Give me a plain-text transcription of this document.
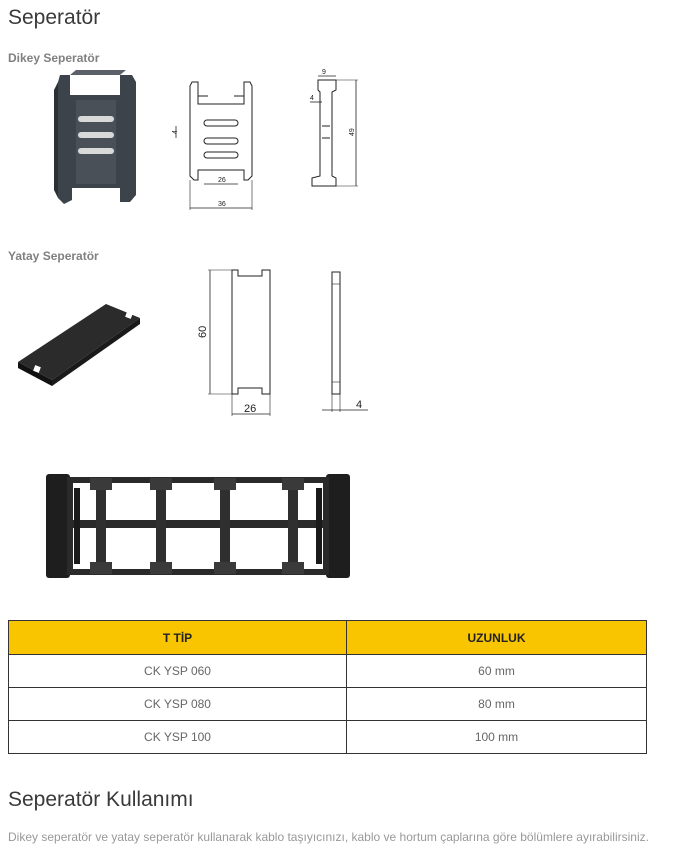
Seperatör
Dikey Seperatör
4
26
36
9
4
49
Yatay Seperatör
60
26	4
T TİP	UZUNLUK
CK YSP 060	60 mm
CK YSP 080	80 mm
CK YSP 100	100 mm
Seperatör Kullanımı

Dikey seperatör ve yatay seperatör kullanarak kablo taşıyıcınızı, kablo ve hortum çaplarına göre bölümlere ayırabilirsiniz.
